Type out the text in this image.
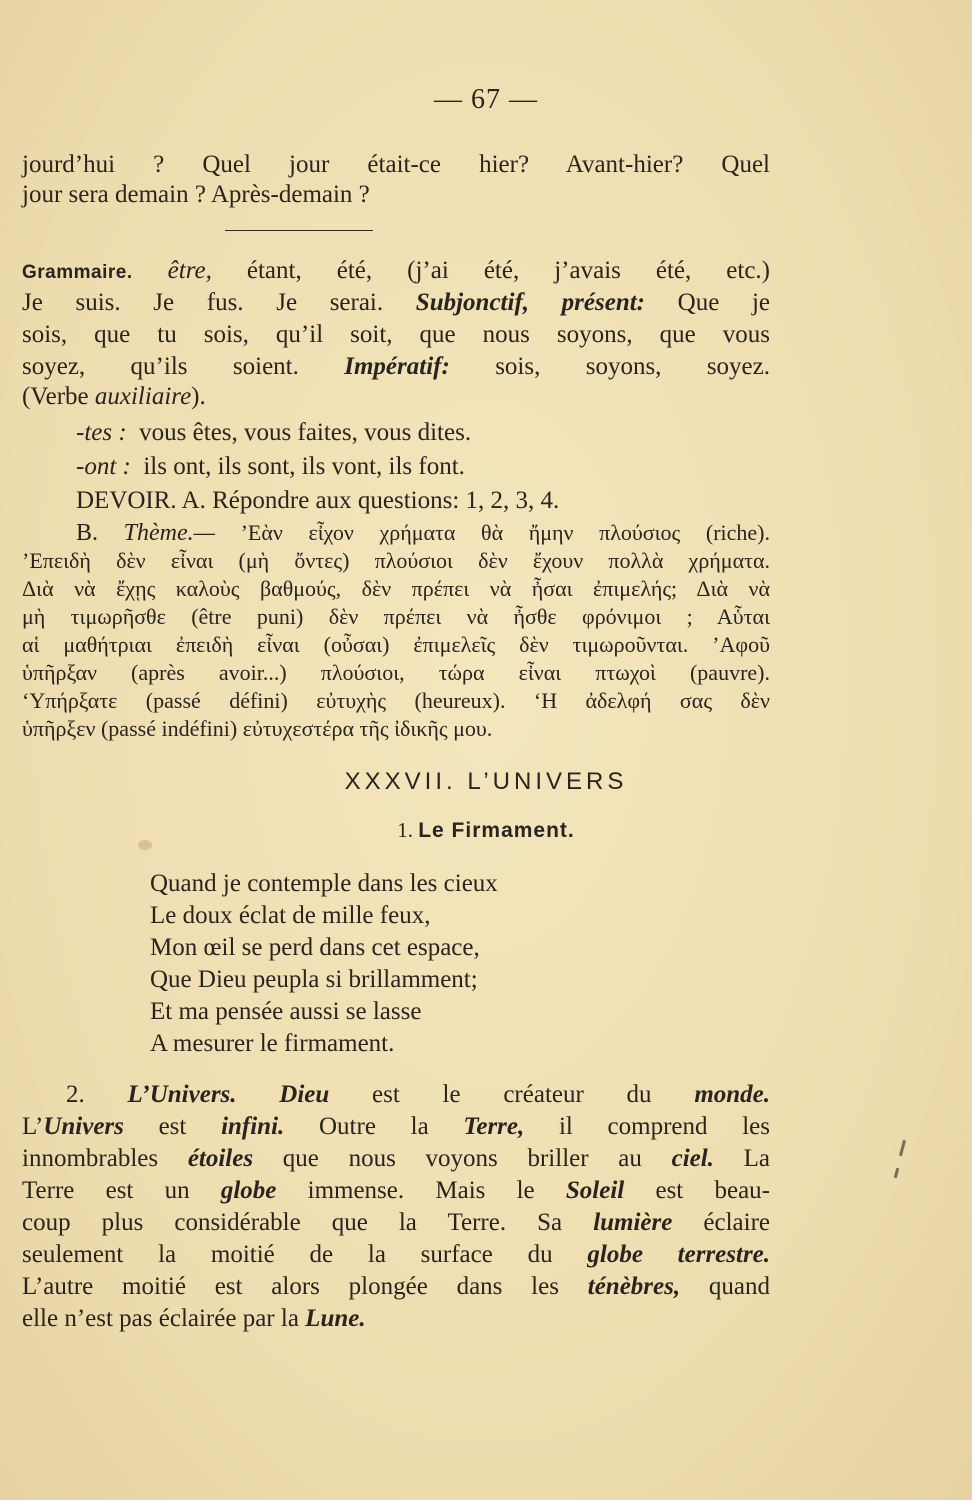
— 67 —
jourd’hui ? Quel jour était-ce hier? Avant-hier? Quel
jour sera demain ? Après-demain ?
Grammaire. être, étant, été, (j’ai été, j’avais été, etc.)
Je suis. Je fus. Je serai. Subjonctif, présent: Que je
sois, que tu sois, qu’il soit, que nous soyons, que vous
soyez, qu’ils soient. Impératif: sois, soyons, soyez.
(Verbe auxiliaire).
-tes : vous êtes, vous faites, vous dites.
-ont : ils ont, ils sont, ils vont, ils font.
DEVOIR. A. Répondre aux questions: 1, 2, 3, 4.
B. Thème.— ’Εὰν εἶχον χρήματα θὰ ἤμην πλούσιος (riche).
’Επειδὴ δὲν εἶναι (μὴ ὄντες) πλούσιοι δὲν ἔχουν πολλὰ χρήματα.
Διὰ νὰ ἔχῃς καλοὺς βαθμούς, δὲν πρέπει νὰ ἦσαι ἐπιμελής; Διὰ νὰ
μὴ τιμωρῆσθε (être puni) δὲν πρέπει νὰ ἦσθε φρόνιμοι ; Αὗται
αἱ μαθήτριαι ἐπειδὴ εἶναι (οὖσαι) ἐπιμελεῖς δὲν τιμωροῦνται. ’Αφοῦ
ὑπῆρξαν (après avoir...) πλούσιοι, τώρα εἶναι πτωχοὶ (pauvre).
‘Υπήρξατε (passé défini) εὐτυχὴς (heureux). ‘Η ἀδελφή σας δὲν
ὑπῆρξεν (passé indéfini) εὐτυχεστέρα τῆς ἰδικῆς μου.
XXXVII. L’UNIVERS
1. Le Firmament.
Quand je contemple dans les cieux
Le doux éclat de mille feux,
Mon œil se perd dans cet espace,
Que Dieu peupla si brillamment;
Et ma pensée aussi se lasse
A mesurer le firmament.
2. L’Univers. Dieu est le créateur du monde.
L’Univers est infini. Outre la Terre, il comprend les
innombrables étoiles que nous voyons briller au ciel. La
Terre est un globe immense. Mais le Soleil est beau-
coup plus considérable que la Terre. Sa lumière éclaire
seulement la moitié de la surface du globe terrestre.
L’autre moitié est alors plongée dans les ténèbres, quand
elle n’est pas éclairée par la Lune.
